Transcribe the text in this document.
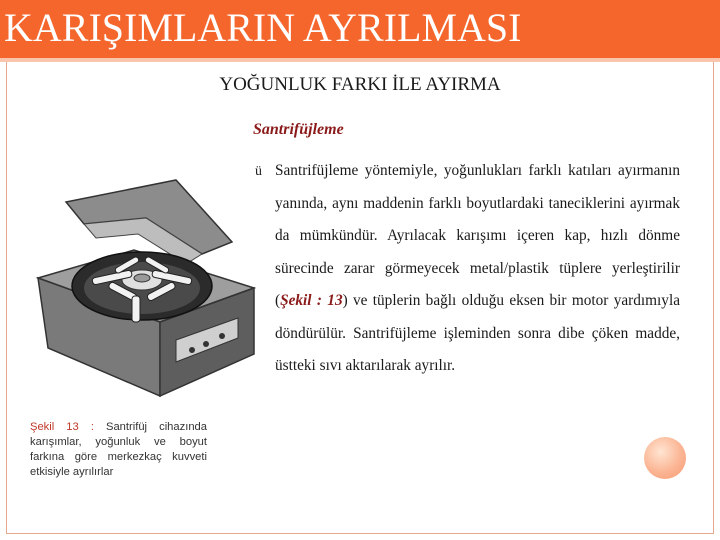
KARIŞIMLARIN AYRILMASI
YOĞUNLUK FARKI İLE AYIRMA
Santrifüjleme
ü Santrifüjleme yöntemiyle, yoğunlukları farklı katıları ayırmanın yanında, aynı maddenin farklı boyutlardaki taneciklerini ayırmak da mümkündür. Ayrılacak karışımı içeren kap, hızlı dönme sürecinde zarar görmeyecek metal/plastik tüplere yerleştirilir (Şekil : 13) ve tüplerin bağlı olduğu eksen bir motor yardımıyla döndürülür. Santrifüjleme işleminden sonra dibe çöken madde, üstteki sıvı aktarılarak ayrılır.
Şekil 13 : Santrifüj cihazında karışımlar, yoğunluk ve boyut farkına göre merkezkaç kuvveti etkisiyle ayrılırlar
